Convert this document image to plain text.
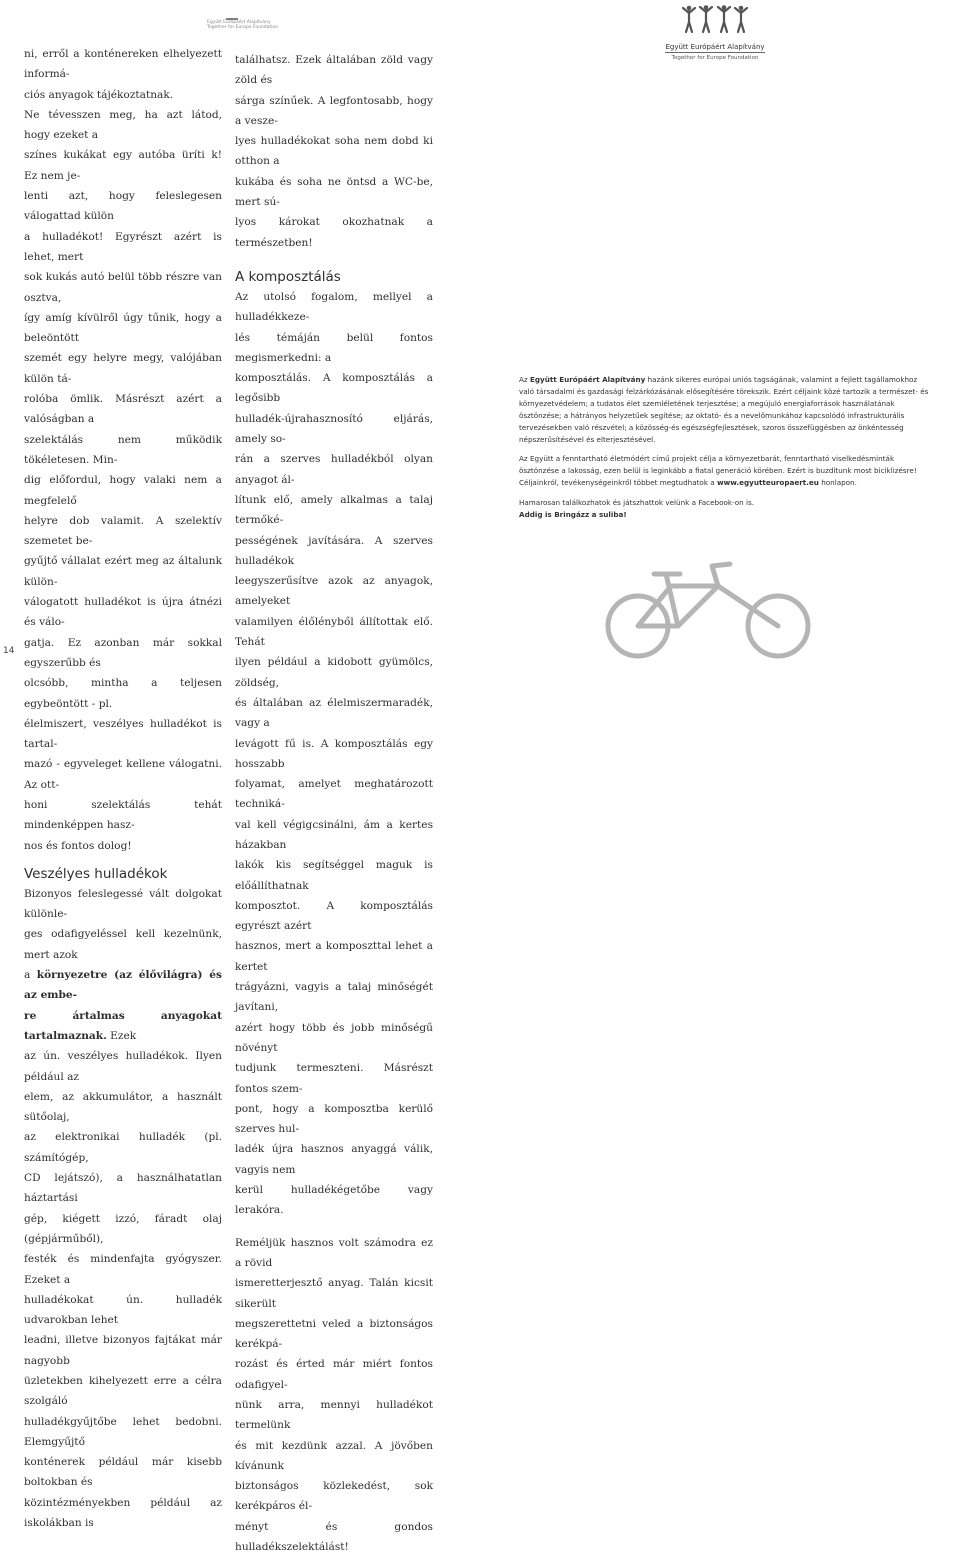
Együtt Európáért Alapítvány
Together for Europe Foundation

ni, erről a konténereken elhelyezett informá-

ciós anyagok tájékoztatnak.

Ne tévesszen meg, ha azt látod, hogy ezeket a

színes kukákat egy autóba üríti k! Ez nem je-

lenti azt, hogy feleslegesen válogattad külön

a hulladékot! Egyrészt azért is lehet, mert

sok kukás autó belül több részre van osztva,

így amíg kívülről úgy tűnik, hogy a beleöntött

szemét egy helyre megy, valójában külön tá-

rolóba ömlik. Másrészt azért a valóságban a

szelektálás nem működik tökéletesen. Min-

dig előfordul, hogy valaki nem a megfelelő

helyre dob valamit. A szelektív szemetet be-

gyűjtő vállalat ezért meg az általunk külön-

válogatott hulladékot is újra átnézi és válo-

gatja. Ez azonban már sokkal egyszerűbb és

olcsóbb, mintha a teljesen egybeöntött - pl.

élelmiszert, veszélyes hulladékot is tartal-

mazó - egyveleget kellene válogatni. Az ott-

honi szelektálás tehát mindenképpen hasz-

nos és fontos dolog!

Veszélyes hulladékok

Bizonyos feleslegessé vált dolgokat különle-

ges odafigyeléssel kell kezelnünk, mert azok

a környezetre (az élővilágra) és az embe-

re ártalmas anyagokat tartalmaznak. Ezek

az ún. veszélyes hulladékok. Ilyen például az

elem, az akkumulátor, a használt sütőolaj,

az elektronikai hulladék (pl. számítógép,

CD lejátszó), a használhatatlan háztartási

gép, kiégett izzó, fáradt olaj (gépjárműből),

festék és mindenfajta gyógyszer. Ezeket a

hulladékokat ún. hulladék udvarokban lehet

leadni, illetve bizonyos fajtákat már nagyobb

üzletekben kihelyezett erre a célra szolgáló

hulladékgyűjtőbe lehet bedobni. Elemgyűjtő

konténerek például már kisebb boltokban és

közintézményekben például az iskolákban is

találhatsz. Ezek általában zöld vagy zöld és

sárga színűek. A legfontosabb, hogy a vesze-

lyes hulladékokat soha nem dobd ki otthon a

kukába és soha ne öntsd a WC-be, mert sú-

lyos károkat okozhatnak a természetben!

A komposztálás

Az utolsó fogalom, mellyel a hulladékkeze-

lés témáján belül fontos megismerkedni: a

komposztálás. A komposztálás a legősibb

hulladék-újrahasznosító eljárás, amely so-

rán a szerves hulladékból olyan anyagot ál-

lítunk elő, amely alkalmas a talaj termőké-

pességének javítására. A szerves hulladékok

leegyszerűsítve azok az anyagok, amelyeket

valamilyen élőlényből állítottak elő. Tehát

ilyen például a kidobott gyümölcs, zöldség,

és általában az élelmiszermaradék, vagy a

levágott fű is. A komposztálás egy hosszabb

folyamat, amelyet meghatározott techniká-

val kell végigcsinálni, ám a kertes házakban

lakók kis segítséggel maguk is előállíthatnak

komposztot. A komposztálás egyrészt azért

hasznos, mert a komposzttal lehet a kertet

trágyázni, vagyis a talaj minőségét javítani,

azért hogy több és jobb minőségű növényt

tudjunk termeszteni. Másrészt fontos szem-

pont, hogy a komposztba kerülő szerves hul-

ladék újra hasznos anyaggá válik, vagyis nem

kerül hulladékégetőbe vagy lerakóra.

Reméljük hasznos volt számodra ez a rövid

ismeretterjesztő anyag. Talán kicsit sikerült

megszerettetni veled a biztonságos kerékpá-

rozást és érted már miért fontos odafigyel-

nünk arra, mennyi hulladékot termelünk

és mit kezdünk azzal. A jövőben kívánunk

biztonságos közlekedést, sok kerékpáros él-

ményt és gondos hulladékszelektálást!

14
Együtt Európáért Alapítvány
Together for Europe Foundation

Az Együtt Európáért Alapítvány hazánk sikeres európai uniós tagságának, valamint a fejlett tagállamokhoz való társadalmi és gazdasági felzárkózásának elősegítésére törekszik. Ezért céljaink közé tartozik a természet- és környezetvédelem; a tudatos élet szemléletének terjesztése; a megújuló energiaforrások használatának ösztönzése; a hátrányos helyzetűek segítése; az oktató- és a nevelőmunkához kapcsolódó infrastrukturális tervezésekben való részvétel; a közösség-és egészségfejlesztések, szoros összefüggésben az önkéntesség népszerűsítésével és elterjesztésével.

Az Együtt a fenntartható életmódért című projekt célja a környezetbarát, fenntartható viselkedésminták ösztönzése a lakosság, ezen belül is leginkább a fiatal generáció körében. Ezért is buzdítunk most biciklizésre! Céljainkról, tevékenységeinkről többet megtudhatok a www.egyutteuropaert.eu honlapon.

Hamarosan találkozhatok és játszhattok velünk a Facebook-on is.
Addig is Bringázz a suliba!
